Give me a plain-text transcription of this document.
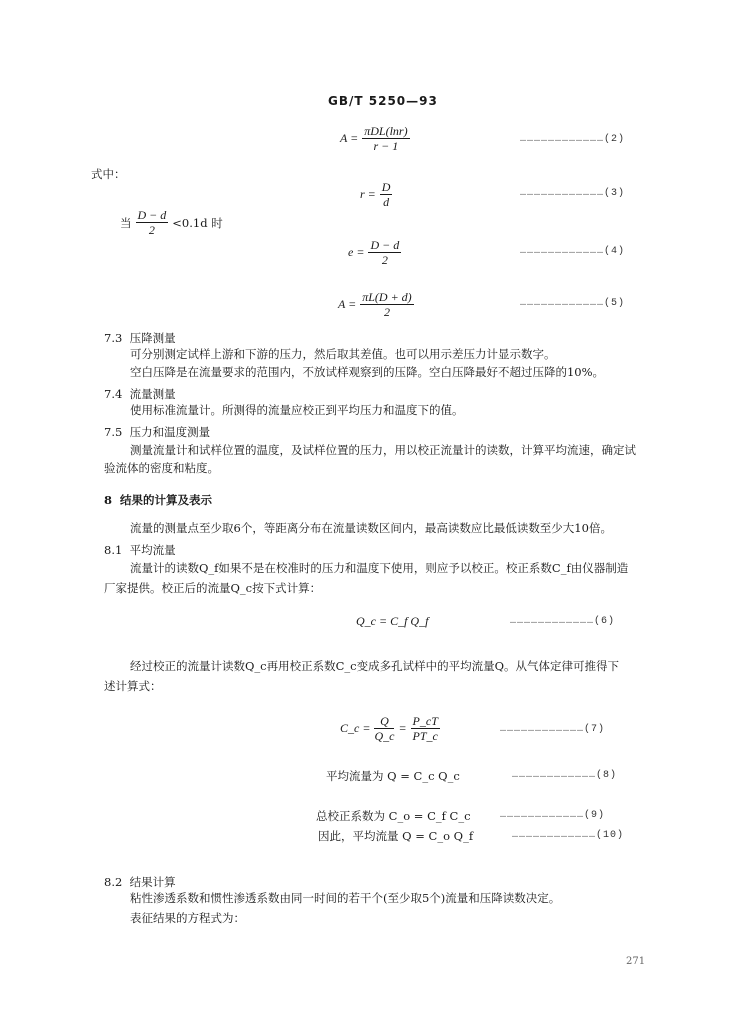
GB/T 5250—93
$A = \frac{\text{πDL(lnr)}}{r - 1}$	………………………………(2)
式中：
$r = \frac{D}{d}$	………………………………(3)
当 $\frac{D - d}{2} <0.1d$ 时
$e = \frac{D - d}{2}$	………………………………(4)
$A = \frac{\pi L(D + d)}{2}$	………………………………(5)
7.3 压降测量
可分别测定试样上游和下游的压力，然后取其差值。也可以用示差压力计显示数字。
空白压降是在流量要求的范围内，不放试样观察到的压降。空白压降最好不超过压降的10%。
7.4 流量测量
使用标准流量计。所测得的流量应校正到平均压力和温度下的值。
7.5 压力和温度测量
测量流量计和试样位置的温度，及试样位置的压力，用以校正流量计的读数，计算平均流速，确定试
验流体的密度和粘度。
8 结果的计算及表示
流量的测量点至少取6个，等距离分布在流量读数区间内，最高读数应比最低读数至少大10倍。
8.1 平均流量
流量计的读数Q_f如果不是在校准时的压力和温度下使用，则应予以校正。校正系数C_f由仪器制造
厂家提供。校正后的流量Q_c按下式计算：
Q_c = C_f Q_f	………………………………(6)
经过校正的流量计读数Q_c再用校正系数C_c变成多孔试样中的平均流量Q。从气体定律可推得下
述计算式：
C_c = $\frac{Q}{Q\_c} = \frac{P\_cT}{PT\_c}$	………………………………(7)
平均流量为 Q = C_c Q_c	………………………………(8)
总校正系数为 C_o = C_f C_c	………………………………(9)
因此，平均流量 Q = C_o Q_f	………………………………(10)
8.2 结果计算
粘性渗透系数和惯性渗透系数由同一时间的若干个(至少取5个)流量和压降读数决定。
表征结果的方程式为：
271
